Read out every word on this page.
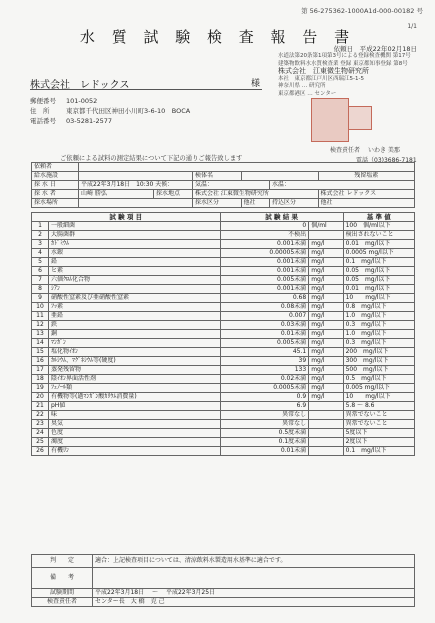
第 56-275362-1000A1d-000-00182 号
1/1
水 質 試 験 検 査 報 告 書
依頼日　平成22年02月18日
水道法第20条第1項第3号による登録検査機関 第17号
建築物飲料水水質検査業 登録 東京都知事登録 第8号
株式会社　江東微生物研究所
本社　東京都江戸川区西瑞江5-1-5
神奈川県 … 研究所
東京都港区 … センター
検査責任者　 いわき 美那
電話（03)3686-7181
株式会社　レドックス	様
郵便番号 101-0052
住　所	東京都千代田区神田小川町3-6-10　BOCA
電話番号 03-5281-2577
ご依頼による試料の測定結果について下記の通りご報告致します
依頼者						
給水施設			検体名			残留塩素
採 水 日	平成22年3月18日　10:30 天候：		気温：		水温：	
採 水 者	山崎 勝弘	採水地点	株式会社 江東微生物研究所			株式会社 レドックス
採水場所			採水区分	他社	持込区分	他社
試 験 項 目		試 験 結 果		基 準 値
1	一般細菌	0	個/ml	100　個/ml以下
2	大腸菌群	不検出		検出されないこと
3	ｶﾄﾞﾐｳﾑ	0.001未満	mg/l	0.01　mg/l以下
4	水銀	0.00005未満	mg/l	0.0005 mg/l以下
5	鉛	0.001未満	mg/l	0.1　mg/l以下
6	ヒ素	0.001未満	mg/l	0.05　mg/l以下
7	六価ｸﾛﾑ化合物	0.005未満	mg/l	0.05　mg/l以下
8	ｼｱﾝ	0.001未満	mg/l	0.01　mg/l以下
9	硝酸性窒素及び亜硝酸性窒素	0.68	mg/l	10　　mg/l以下
10	ﾌｯ素	0.08未満	mg/l	0.8　mg/l以下
11	亜鉛	0.007	mg/l	1.0　mg/l以下
12	鉄	0.03未満	mg/l	0.3　mg/l以下
13	銅	0.01未満	mg/l	1.0　mg/l以下
14	ﾏﾝｶﾞﾝ	0.005未満	mg/l	0.3　mg/l以下
15	塩化物ｲｵﾝ	45.1	mg/l	200　mg/l以下
16	ｶﾙｼｳﾑ、ﾏｸﾞﾈｼｳﾑ等(硬度)	39	mg/l	300　mg/l以下
17	蒸発残留物	133	mg/l	500　mg/l以下
18	陰ｲｵﾝ界面活性剤	0.02未満	mg/l	0.5　mg/l以下
19	ﾌｪﾉｰﾙ類	0.0005未満	mg/l	0.005 mg/l以下
20	有機物等(過ﾏﾝｶﾞﾝ酸ｶﾘｳﾑ消費量)	0.9	mg/l	10　　mg/l以下
21	pH値	6.9		5.8 ～ 8.6
22	味	異常なし		異常でないこと
23	臭気	異常なし		異常でないこと
24	色度	0.5度未満		5度以下
25	濁度	0.1度未満		2度以下
26	有機ﾘﾝ	0.01未満		0.1　mg/l以下
判　　定	適合：上記検査項目については、清涼飲料水製造用水基準に適合です。
備　　考	
試験期間	平成22年3月18日　 ～　 平成22年3月25日
検査責任者	センター長　大 橋　克 己
